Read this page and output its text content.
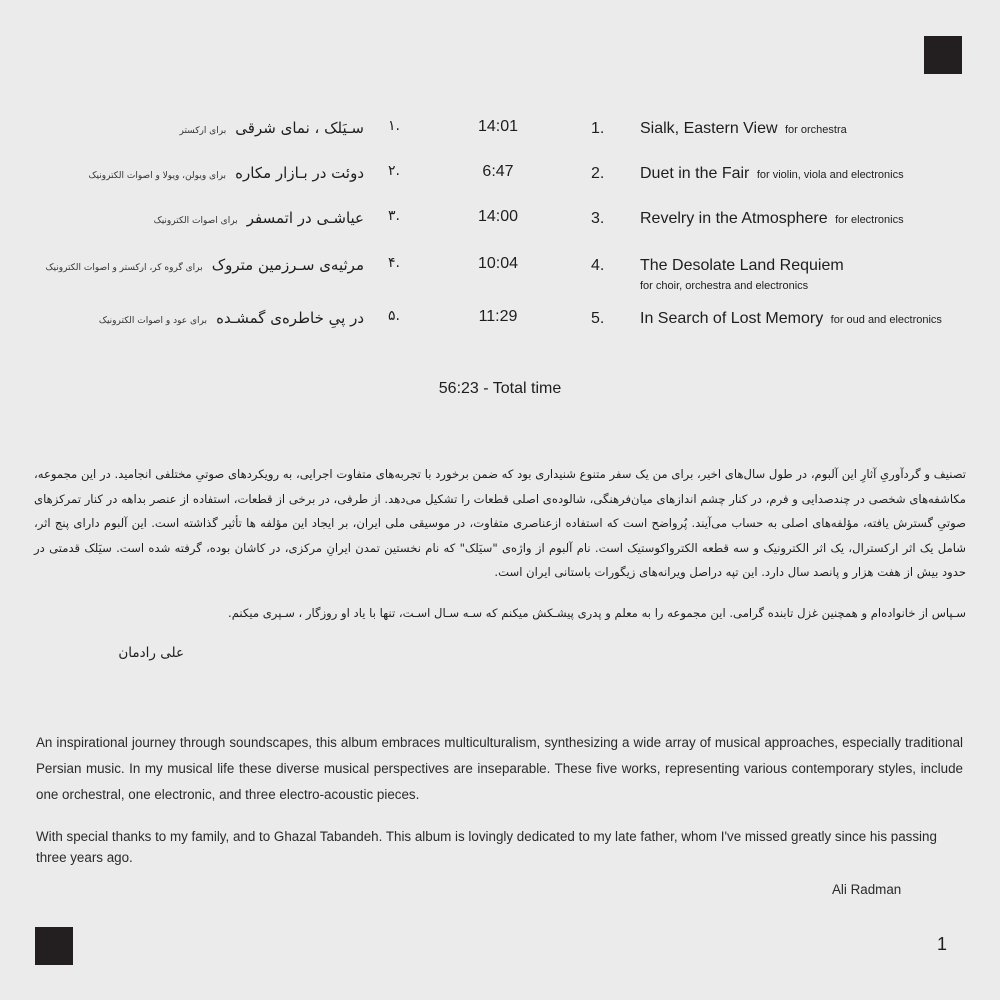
سـیَلک ، نمای شرقی برای ارکستر	.۱	14:01	1. Sialk, Eastern View for orchestra
دوئت در بـازار مکاره برای ویولن، ویولا و اصوات الکترونیک	.۲	6:47	2. Duet in the Fair for violin, viola and electronics
عیاشـی در اتمسفر برای اصوات الکترونیک	.۳	14:00	3. Revelry in the Atmosphere for electronics
مرثیه‌ی سـرزمین متروک برای گروه کر، ارکستر و اصوات الکترونیک	.۴	10:04	4. The Desolate Land Requiem
for choir, orchestra and electronics
در پیِ خاطره‌ی گمشـده برای عود و اصوات الکترونیک	.۵	11:29	5. In Search of Lost Memory for oud and electronics
56:23 - Total time
تصنیف و گردآوریِ آثارِ این آلبوم، در طول سال‌های اخیر، برای من یک سفر متنوع شنیداری بود که ضمن برخورد با تجربه‌های متفاوت اجرایی، به رویکردهای صوتیِ مختلفی انجامید. در این مجموعه، مکاشفه‌های شخصی در چندصدایی و فرم، در کنار چشم اندازهای میان‌فرهنگی، شالوده‌ی اصلی قطعات را تشکیل می‌دهد. از طرفی، در برخی از قطعات، استفاده از عنصر بداهه در کنار تمرکزهای صوتیِ گسترش یافته، مؤلفه‌های اصلی به حساب می‌آیند. پُرواضح است که استفاده ازعناصری متفاوت، در موسیقی ملی ایران، بر ایجاد این مؤلفه ها تأثیر گذاشته است. این آلبوم دارای پنج اثر، شامل یک اثر ارکسترال، یک اثر الکترونیک و سه قطعه الکترواکوستیک است. نام آلبوم از واژه‌ی "سیَلک" که نام نخستین تمدن ایرانِ مرکزی، در کاشان بوده، گرفته شده است. سیَلک قدمتی در حدود بیش از هفت هزار و پانصد سال دارد. این تپه دراصل ویرانه‌های زیگورات باستانی ایران است.
سـپاس از خانواده‌ام و همچنین غزل تابنده گرامی. این مجموعه را به معلم و پدری پیشـکش میکنم که سـه سـال اسـت، تنها با یاد او روزگار ، سـپری میکنم.
علی رادمان
An inspirational journey through soundscapes, this album embraces multiculturalism, synthesizing a wide array of musical approaches, especially traditional Persian music. In my musical life these diverse musical perspectives are inseparable. These five works, representing various contemporary styles, include one orchestral, one electronic, and three electro-acoustic pieces.
With special thanks to my family, and to Ghazal Tabandeh. This album is lovingly dedicated to my late father, whom I've missed greatly since his passing three years ago.
Ali Radman
1
